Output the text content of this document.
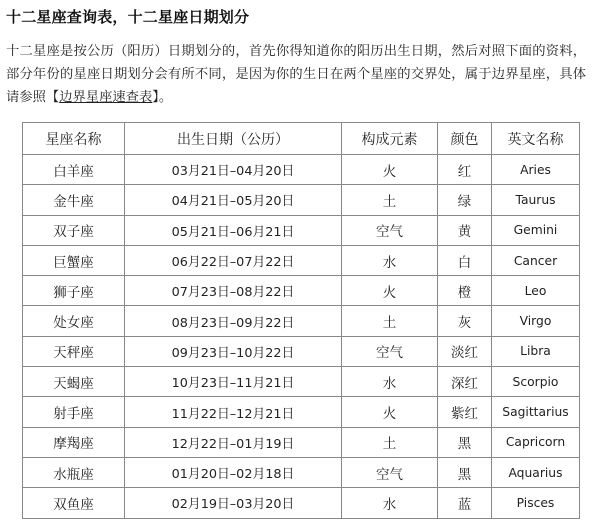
十二星座查询表，十二星座日期划分
十二星座是按公历（阳历）日期划分的，首先你得知道你的阳历出生日期，然后对照下面的资料，部分年份的星座日期划分会有所不同，是因为你的生日在两个星座的交界处，属于边界星座，具体请参照【边界星座速查表】。
星座名称	出生日期（公历）	构成元素	颜色	英文名称
白羊座	03月21日–04月20日	火	红	Aries
金牛座	04月21日–05月20日	土	绿	Taurus
双子座	05月21日–06月21日	空气	黄	Gemini
巨蟹座	06月22日–07月22日	水	白	Cancer
狮子座	07月23日–08月22日	火	橙	Leo
处女座	08月23日–09月22日	土	灰	Virgo
天秤座	09月23日–10月22日	空气	淡红	Libra
天蝎座	10月23日–11月21日	水	深红	Scorpio
射手座	11月22日–12月21日	火	紫红	Sagittarius
摩羯座	12月22日–01月19日	土	黑	Capricorn
水瓶座	01月20日–02月18日	空气	黑	Aquarius
双鱼座	02月19日–03月20日	水	蓝	Pisces
